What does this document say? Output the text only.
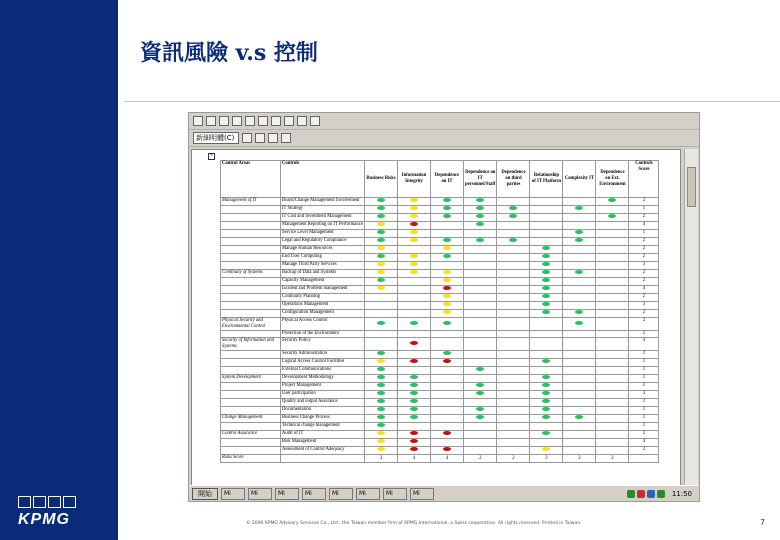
KPMG
資訊風險 v.s 控制
新細明體(C)
+
Control Areas	Controls	Business Risks	Information Integrity	Dependence on IT	Dependence on IT personnel/Staff	Dependence on third parties	Relationship of IT Platform	Complexity IT	Dependence on Ext. Environment	Controls Score
Management of IT	Board/Change Management Involvement									2
	IT Strategy									1
	IT Cost and Investment Management									2
	Management Reporting on IT Performance									4
	Service Level Management									1
	Legal and Regulatory Compliance									2
	Manage Human Resources									2
	End User Computing									2
	Manage Third Party Services									3
Continuity of Systems	Backup of Data and Systems									2
	Capacity Management									2
	Incident and Problem management									4
	Continuity Planning									2
	Operations Management									3
	Configuration Management									2
Physical Security and Environmental Control	Physical Access Control									2
	Protection of the Environment									2
Security of Information and Systems	Security Policy									4
	Security Administration									2
	Logical Access Control Facilities									2
	External Communications									2
System Development	Development Methodology									2
	Project Management									2
	User participation									3
	Quality and output Assurance									2
	Documentation									2
Change Management	Business Change Process									2
	Technical change management									2
Control Assurance	Audit of IT									2
	Risk Management									4
	Assessment of Control Adequacy									2
Risks Score		3	4	4	2	2	3	2	2	
開始	Mi	Mi	Mi	Mi	Mi	Mi	Mi	Mi	11:50
© 2006 KPMG Advisory Services Co., Ltd., the Taiwan member firm of KPMG International, a Swiss cooperative. All rights reserved. Printed in Taiwan.	7
